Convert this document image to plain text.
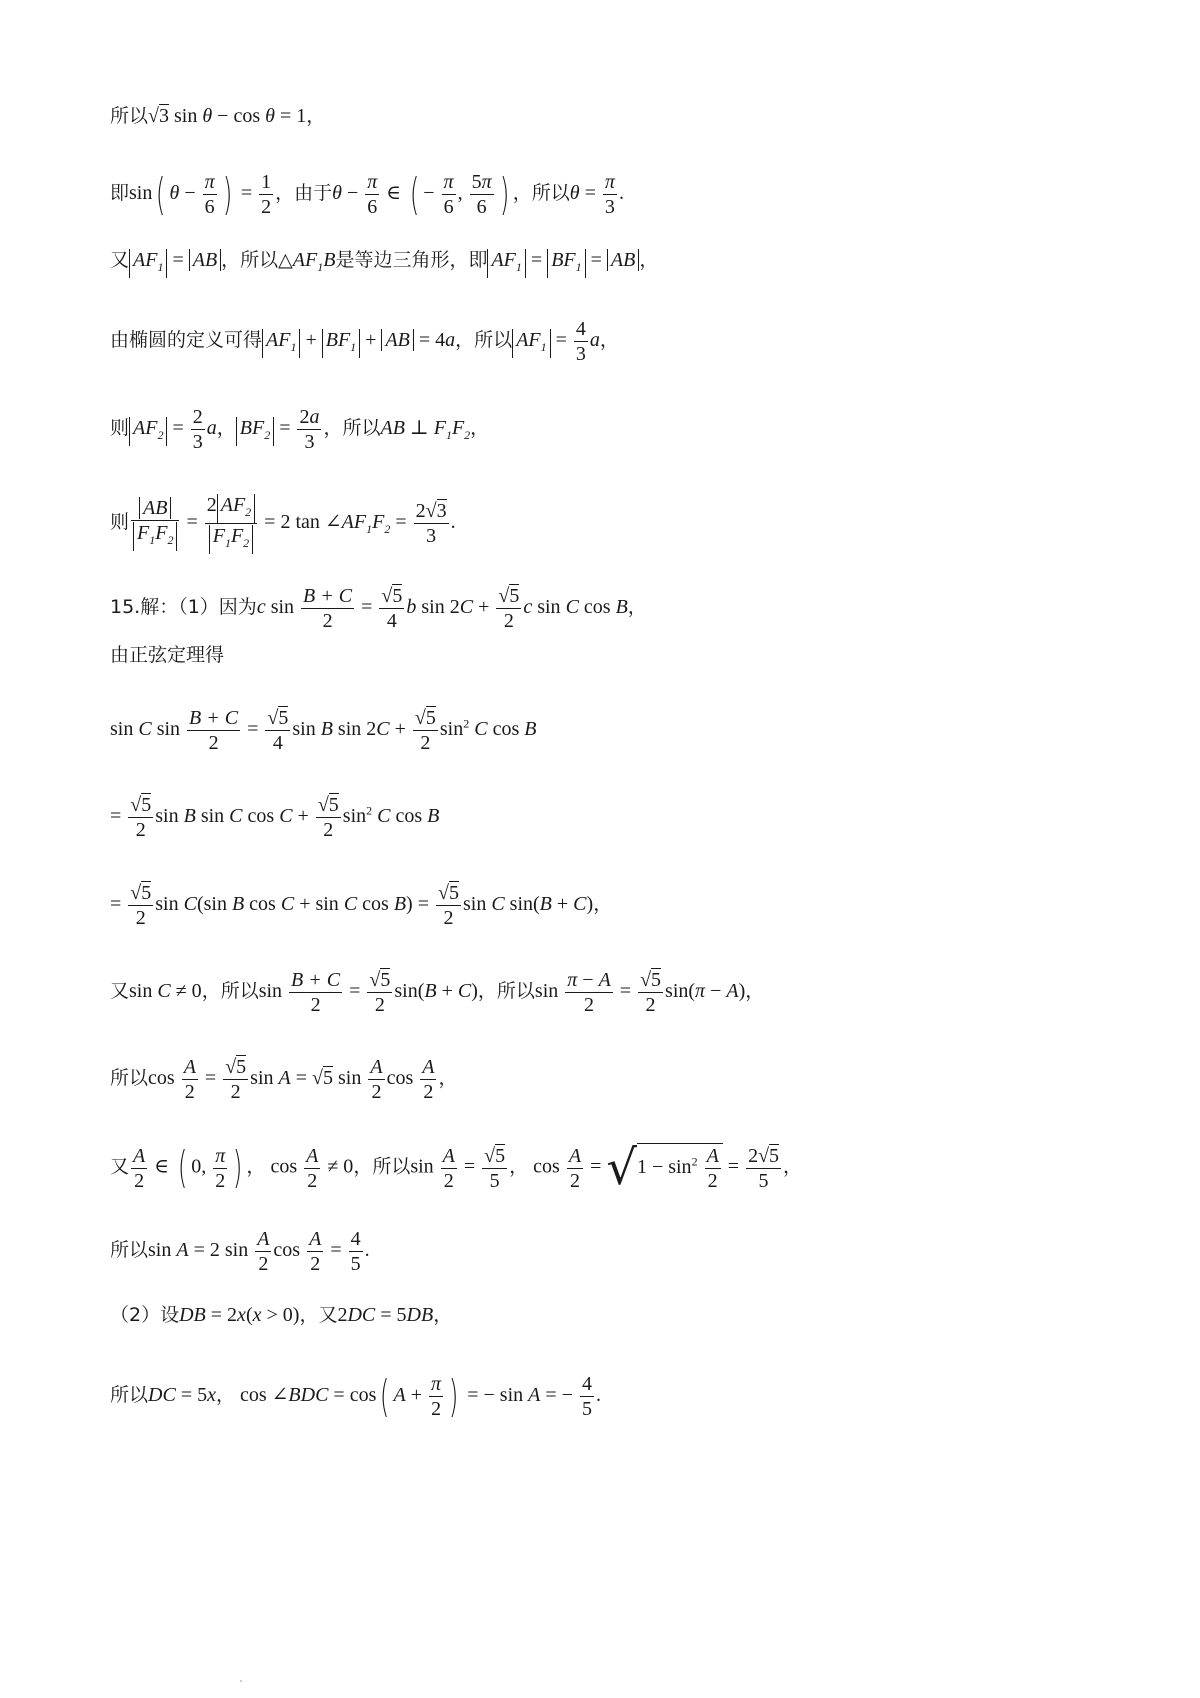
所以√3 sin θ − cos θ = 1，
即sin( $\theta - \frac{\pi}{6}$ ) = $\frac{1}{2}$ ，由于$\theta - \frac{\pi}{6}$ ∈ ( − $\frac{\pi}{6}$ , $\frac{5\pi}{6}$ ) ，所以$\theta = \frac{\pi}{3}$ .
又 $AF_1$ = AB ，所以$\triangle AF_1B$是等边三角形，即 $AF_1 = BF_1$ = AB ，
由椭圆的定义可得 $AF_1 + BF_1$ + AB = 4a，所以 $AF_1 = \frac{4}{3}$ a，
则 $AF_2 = \frac{2}{3}$ a， $BF_2 = \frac{2a}{3}$ ，所以AB ⊥ $F_1F_2$，
则 $\frac{AB}{F_1F_2} = \frac{2 AF_2}{F_1F_2} = 2$ $\tan \angle AF_1F_2 = \frac{2√3}{3}$ .
15.解：（1）因为c $\sin \frac{B + C}{2} = \frac{√5}{4}$ b $\sin 2C + \frac{√5}{2}$ c sin C cos B，
由正弦定理得
sin C $\sin \frac{B + C}{2} = \frac{√5}{4}$ sin B $\sin 2C + \frac{√5}{2} \sin^2 C$ cos B
= $\frac{√5}{2}$ sin B sin C $\cos C + \frac{√5}{2} \sin^2 C$ cos B
= $\frac{√5}{2}$ sin C(sin B cos C + sin C $\cos B) = \frac{√5}{2}$ sin C sin(B + C)，
又sin C ≠ 0，所以$\sin \frac{B + C}{2} = \frac{√5}{2} \sin(B + C)$，所以$\sin \frac{\pi - A}{2} = \frac{√5}{2} \sin(\pi - A)$，
所以$\cos \frac{A}{2} = \frac{√5}{2}$ sin A = √5 $\sin \frac{A}{2}$ $\cos \frac{A}{2}$ ，
又 $\frac{A}{2}$ ∈ ( 0, $\frac{\pi}{2}$ ) ， $\cos \frac{A}{2} \ne 0$，所以$\sin \frac{A}{2} = \frac{√5}{5}$ ， $\cos \frac{A}{2} = √1 - \sin^2 \frac{A}{2} = \frac{2√5}{5}$ ，
所以sin A = 2 $\sin \frac{A}{2}$ $\cos \frac{A}{2} = \frac{4}{5}$ .
（2）设DB = 2x(x > 0)，又2DC = 5DB，
所以DC = 5x， cos ∠BDC = cos( $A + \frac{\pi}{2}$ ) = − sin A = − $\frac{4}{5}$ .
